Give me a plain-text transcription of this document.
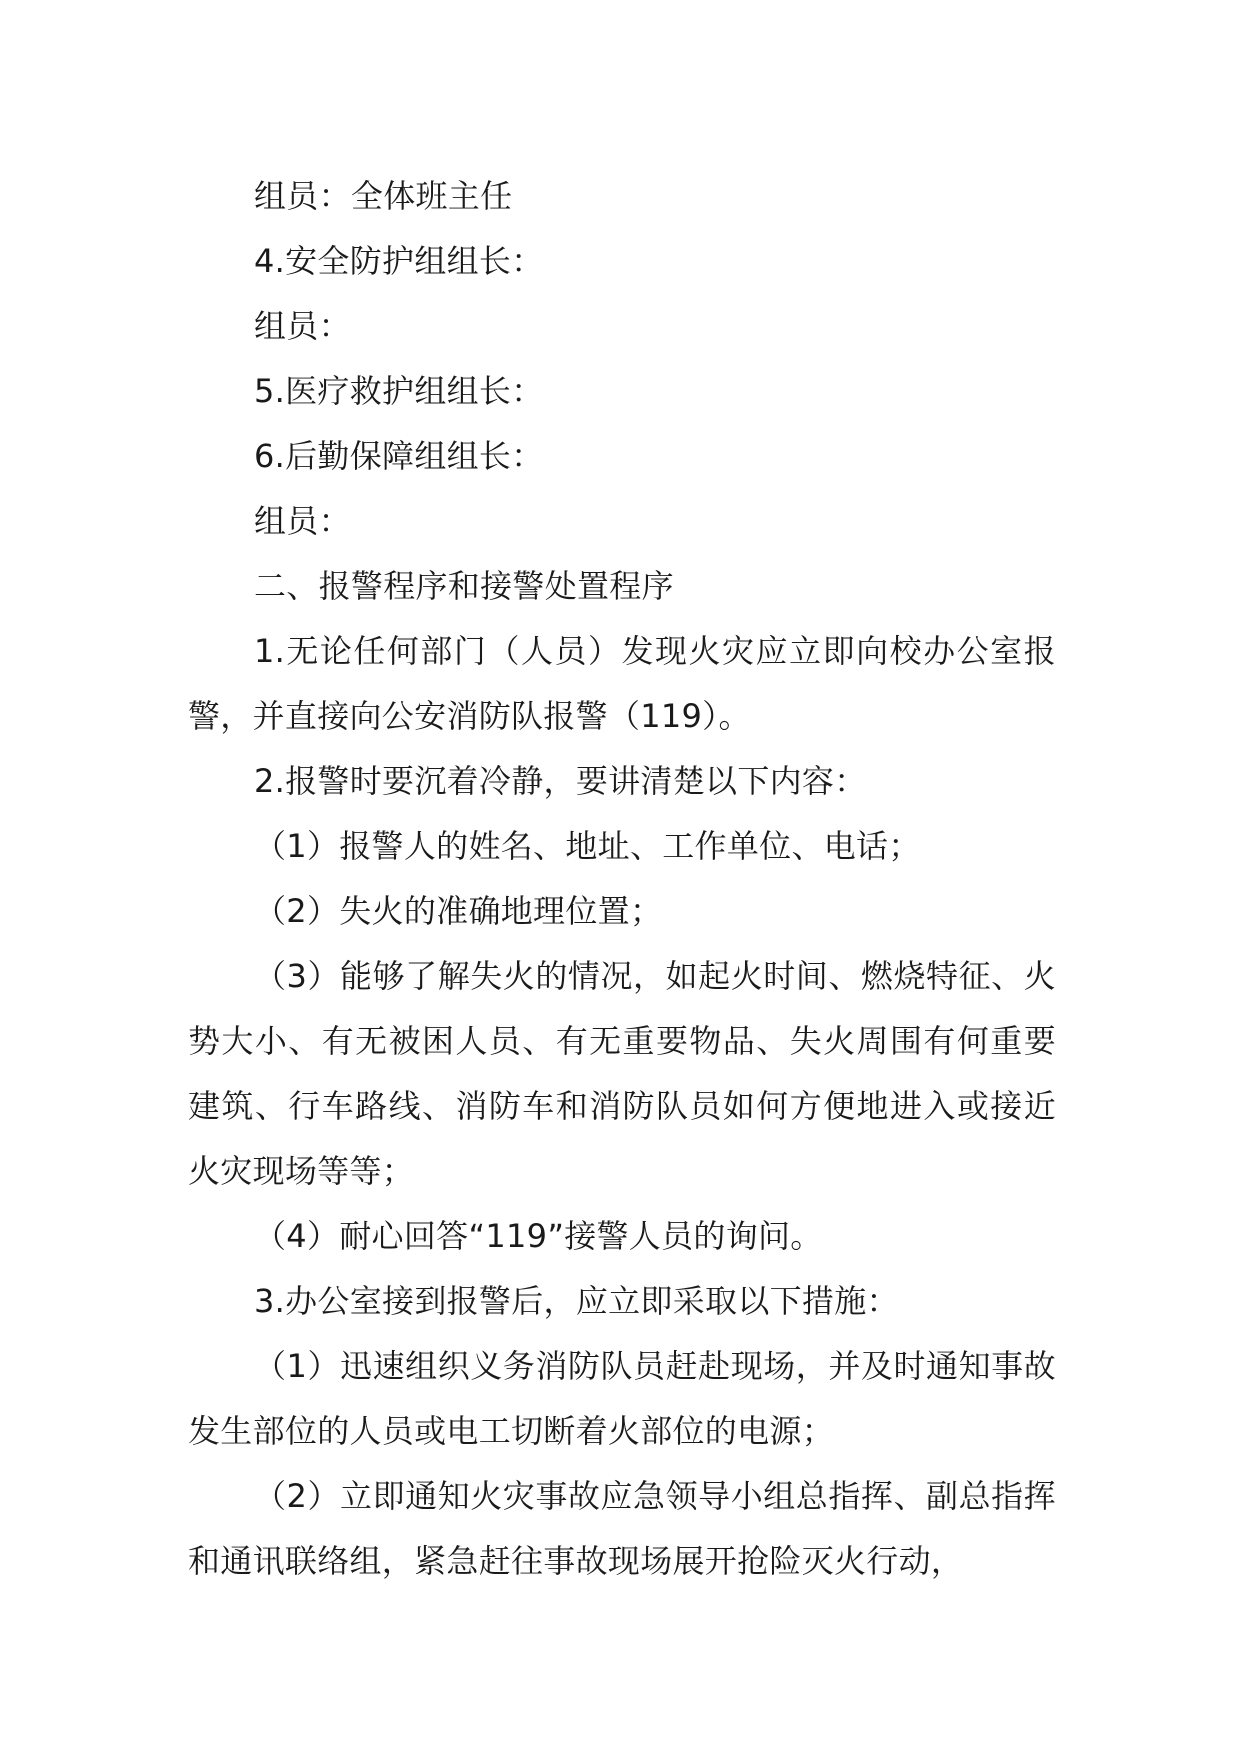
组员：全体班主任

4.安全防护组组长：

组员：

5.医疗救护组组长：

6.后勤保障组组长：

组员：

二、报警程序和接警处置程序

1.无论任何部门（人员）发现火灾应立即向校办公室报警，并直接向公安消防队报警（119）。

2.报警时要沉着冷静，要讲清楚以下内容：

（1）报警人的姓名、地址、工作单位、电话；

（2）失火的准确地理位置；

（3）能够了解失火的情况，如起火时间、燃烧特征、火势大小、有无被困人员、有无重要物品、失火周围有何重要建筑、行车路线、消防车和消防队员如何方便地进入或接近火灾现场等等；

（4）耐心回答“119”接警人员的询问。

3.办公室接到报警后，应立即采取以下措施：

（1）迅速组织义务消防队员赶赴现场，并及时通知事故发生部位的人员或电工切断着火部位的电源；

（2）立即通知火灾事故应急领导小组总指挥、副总指挥和通讯联络组，紧急赶往事故现场展开抢险灭火行动，
